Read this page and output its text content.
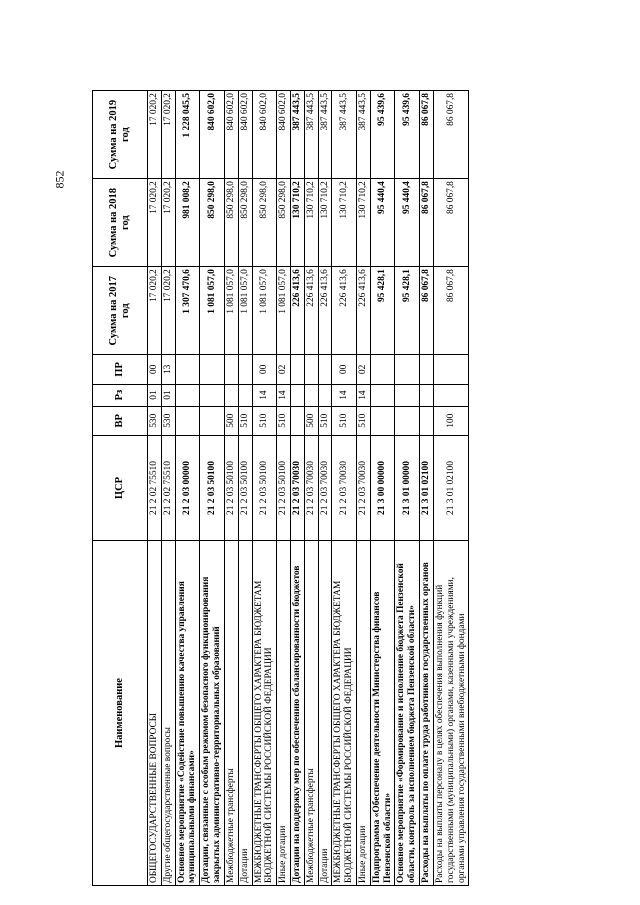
852
Наименование	ЦСР	ВР	Рз	ПР	Сумма на 2017 год	Сумма на 2018 год	Сумма на 2019 год
ОБЩЕГОСУДАРСТВЕННЫЕ ВОПРОСЫ	21 2 02 75510	530	01	00	17 020,2	17 020,2	17 020,2
Другие общегосударственные вопросы	21 2 02 75510	530	01	13	17 020,2	17 020,2	17 020,2
Основное мероприятие «Содействие повышению качества управления муниципальными финансами»	21 2 03 00000				1 307 470,6	981 008,2	1 228 045,5
Дотации, связанные с особым режимом безопасного функционирования закрытых административно-территориальных образований	21 2 03 50100				1 081 057,0	850 298,0	840 602,0
Межбюджетные трансферты	21 2 03 50100	500			1 081 057,0	850 298,0	840 602,0
Дотации	21 2 03 50100	510			1 081 057,0	850 298,0	840 602,0
МЕЖБЮДЖЕТНЫЕ ТРАНСФЕРТЫ ОБЩЕГО ХАРАКТЕРА БЮДЖЕТАМ БЮДЖЕТНОЙ СИСТЕМЫ РОССИЙСКОЙ ФЕДЕРАЦИИ	21 2 03 50100	510	14	00	1 081 057,0	850 298,0	840 602,0
Иные дотации	21 2 03 50100	510	14	02	1 081 057,0	850 298,0	840 602,0
Дотации на поддержку мер по обеспечению сбалансированности бюджетов	21 2 03 70030				226 413,6	130 710,2	387 443,5
Межбюджетные трансферты	21 2 03 70030	500			226 413,6	130 710,2	387 443,5
Дотации	21 2 03 70030	510			226 413,6	130 710,2	387 443,5
МЕЖБЮДЖЕТНЫЕ ТРАНСФЕРТЫ ОБЩЕГО ХАРАКТЕРА БЮДЖЕТАМ БЮДЖЕТНОЙ СИСТЕМЫ РОССИЙСКОЙ ФЕДЕРАЦИИ	21 2 03 70030	510	14	00	226 413,6	130 710,2	387 443,5
Иные дотации	21 2 03 70030	510	14	02	226 413,6	130 710,2	387 443,5
Подпрограмма «Обеспечение деятельности Министерства финансов Пензенской области»	21 3 00 00000				95 428,1	95 440,4	95 439,6
Основное мероприятие «Формирование и исполнение бюджета Пензенской области, контроль за исполнением бюджета Пензенской области»	21 3 01 00000				95 428,1	95 440,4	95 439,6
Расходы на выплаты по оплате труда работников государственных органов	21 3 01 02100				86 067,8	86 067,8	86 067,8
Расходы на выплаты персоналу в целях обеспечения выполнения функций государственными (муниципальными) органами, казенными учреждениями, органами управления государственными внебюджетными фондами	21 3 01 02100	100			86 067,8	86 067,8	86 067,8
